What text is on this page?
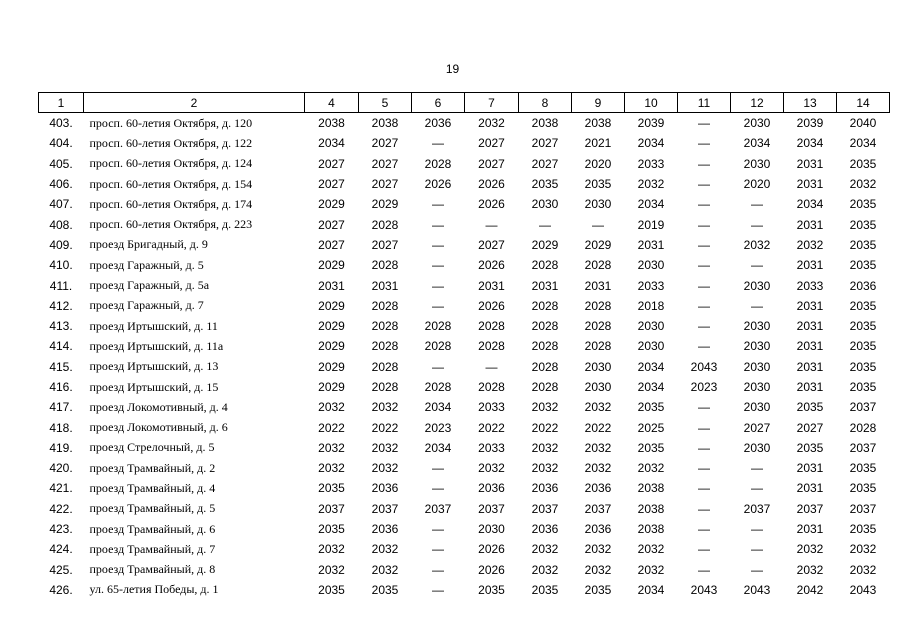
19
1	2	4	5	6	7	8	9	10	11	12	13	14
403.	просп. 60-летия Октября, д. 120	2038	2038	2036	2032	2038	2038	2039	—	2030	2039	2040
404.	просп. 60-летия Октября, д. 122	2034	2027	—	2027	2027	2021	2034	—	2034	2034	2034
405.	просп. 60-летия Октября, д. 124	2027	2027	2028	2027	2027	2020	2033	—	2030	2031	2035
406.	просп. 60-летия Октября, д. 154	2027	2027	2026	2026	2035	2035	2032	—	2020	2031	2032
407.	просп. 60-летия Октября, д. 174	2029	2029	—	2026	2030	2030	2034	—	—	2034	2035
408.	просп. 60-летия Октября, д. 223	2027	2028	—	—	—	—	2019	—	—	2031	2035
409.	проезд Бригадный, д. 9	2027	2027	—	2027	2029	2029	2031	—	2032	2032	2035
410.	проезд Гаражный, д. 5	2029	2028	—	2026	2028	2028	2030	—	—	2031	2035
411.	проезд Гаражный, д. 5а	2031	2031	—	2031	2031	2031	2033	—	2030	2033	2036
412.	проезд Гаражный, д. 7	2029	2028	—	2026	2028	2028	2018	—	—	2031	2035
413.	проезд Иртышский, д. 11	2029	2028	2028	2028	2028	2028	2030	—	2030	2031	2035
414.	проезд Иртышский, д. 11а	2029	2028	2028	2028	2028	2028	2030	—	2030	2031	2035
415.	проезд Иртышский, д. 13	2029	2028	—	—	2028	2030	2034	2043	2030	2031	2035
416.	проезд Иртышский, д. 15	2029	2028	2028	2028	2028	2030	2034	2023	2030	2031	2035
417.	проезд Локомотивный, д. 4	2032	2032	2034	2033	2032	2032	2035	—	2030	2035	2037
418.	проезд Локомотивный, д. 6	2022	2022	2023	2022	2022	2022	2025	—	2027	2027	2028
419.	проезд Стрелочный, д. 5	2032	2032	2034	2033	2032	2032	2035	—	2030	2035	2037
420.	проезд Трамвайный, д. 2	2032	2032	—	2032	2032	2032	2032	—	—	2031	2035
421.	проезд Трамвайный, д. 4	2035	2036	—	2036	2036	2036	2038	—	—	2031	2035
422.	проезд Трамвайный, д. 5	2037	2037	2037	2037	2037	2037	2038	—	2037	2037	2037
423.	проезд Трамвайный, д. 6	2035	2036	—	2030	2036	2036	2038	—	—	2031	2035
424.	проезд Трамвайный, д. 7	2032	2032	—	2026	2032	2032	2032	—	—	2032	2032
425.	проезд Трамвайный, д. 8	2032	2032	—	2026	2032	2032	2032	—	—	2032	2032
426.	ул. 65-летия Победы, д. 1	2035	2035	—	2035	2035	2035	2034	2043	2043	2042	2043
